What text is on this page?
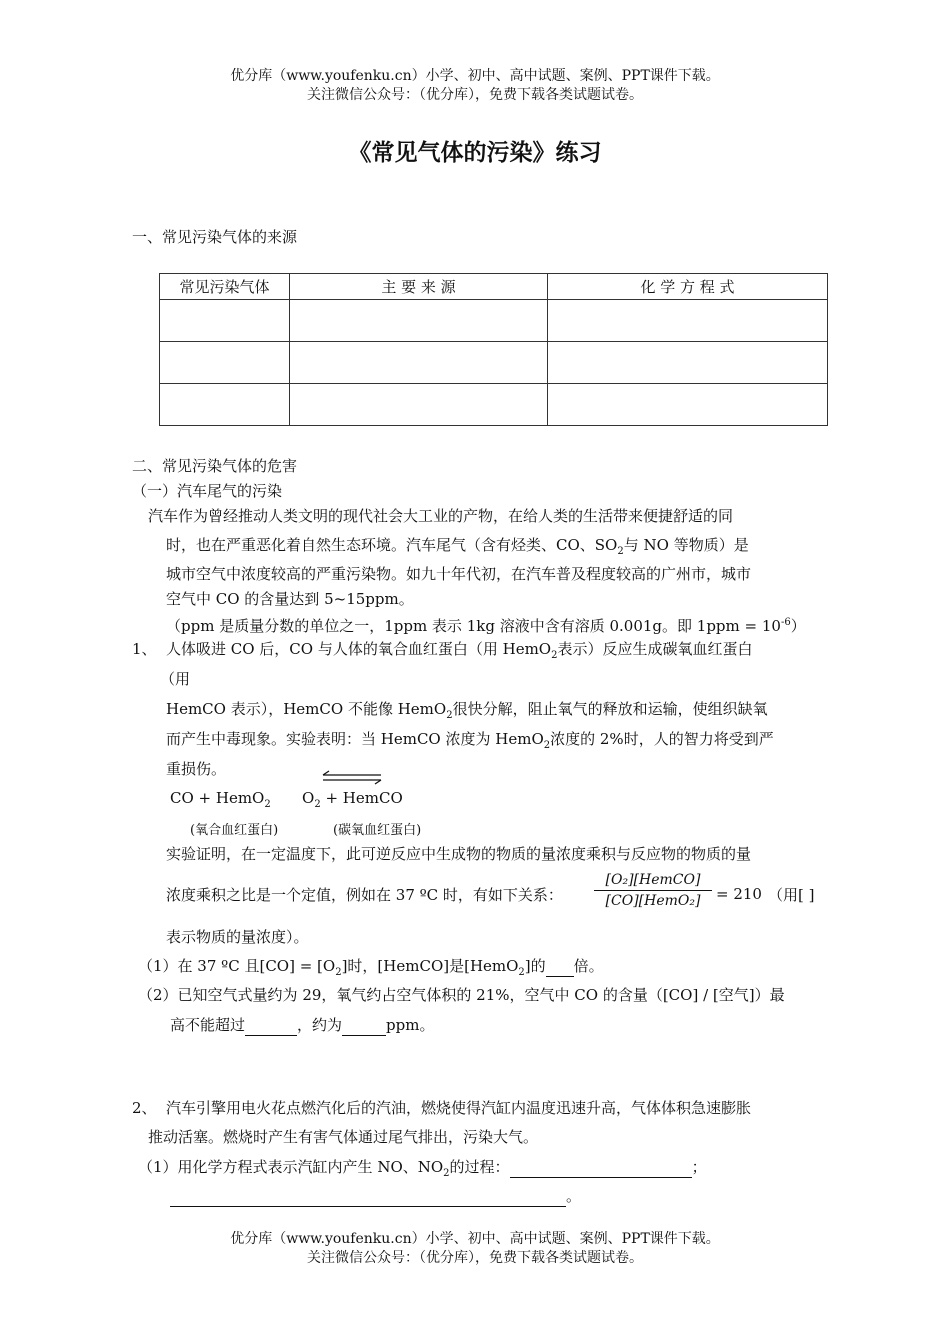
优分库（www.youfenku.cn）小学、初中、高中试题、案例、PPT课件下载。
关注微信公众号：（优分库），免费下载各类试题试卷。
《常见气体的污染》练习
一、常见污染气体的来源
常见污染气体	主 要 来 源	化 学 方 程 式

二、常见污染气体的危害
（一）汽车尾气的污染
汽车作为曾经推动人类文明的现代社会大工业的产物，在给人类的生活带来便捷舒适的同
时，也在严重恶化着自然生态环境。汽车尾气（含有烃类、CO、$SO_2$与 NO 等物质）是
城市空气中浓度较高的严重污染物。如九十年代初，在汽车普及程度较高的广州市，城市
空气中 CO 的含量达到 5~15ppm。
（ppm 是质量分数的单位之一，1ppm 表示 1kg 溶液中含有溶质 0.001g。即 $1ppm = 10^{-6}$）
1、 人体吸进 CO 后，CO 与人体的氧合血红蛋白（用 HemO$_2$表示）反应生成碳氧血红蛋白
（用
HemCO 表示），HemCO 不能像 HemO$_2$很快分解，阻止氧气的释放和运输，使组织缺氧
而产生中毒现象。实验表明：当 HemCO 浓度为 HemO$_2$浓度的 2%时，人的智力将受到严
重损伤。
CO + HemO$_2$ $O_2$ + HemCO
(氧合血红蛋白)	(碳氧血红蛋白)
实验证明，在一定温度下，此可逆反应中生成物的物质的量浓度乘积与反应物的物质的量
浓度乘积之比是一个定值，例如在 37 ºC 时，有如下关系：
[O₂][HemCO]
[CO][HemO₂]	= 210 （用[ ]
表示物质的量浓度）。
（1）在 37 ºC 且$[CO] = [O_2]$时，[HemCO]是[HemO$_2$]的 倍。
（2）已知空气式量约为 29，氧气约占空气体积的 21%，空气中 CO 的含量（[CO] / [空气]）最
高不能超过	，约为	ppm。
2、 汽车引擎用电火花点燃汽化后的汽油，燃烧使得汽缸内温度迅速升高，气体体积急速膨胀
推动活塞。燃烧时产生有害气体通过尾气排出，污染大气。
（1）用化学方程式表示汽缸内产生 NO、$NO_2$的过程：	；
。
优分库（www.youfenku.cn）小学、初中、高中试题、案例、PPT课件下载。
关注微信公众号：（优分库），免费下载各类试题试卷。
